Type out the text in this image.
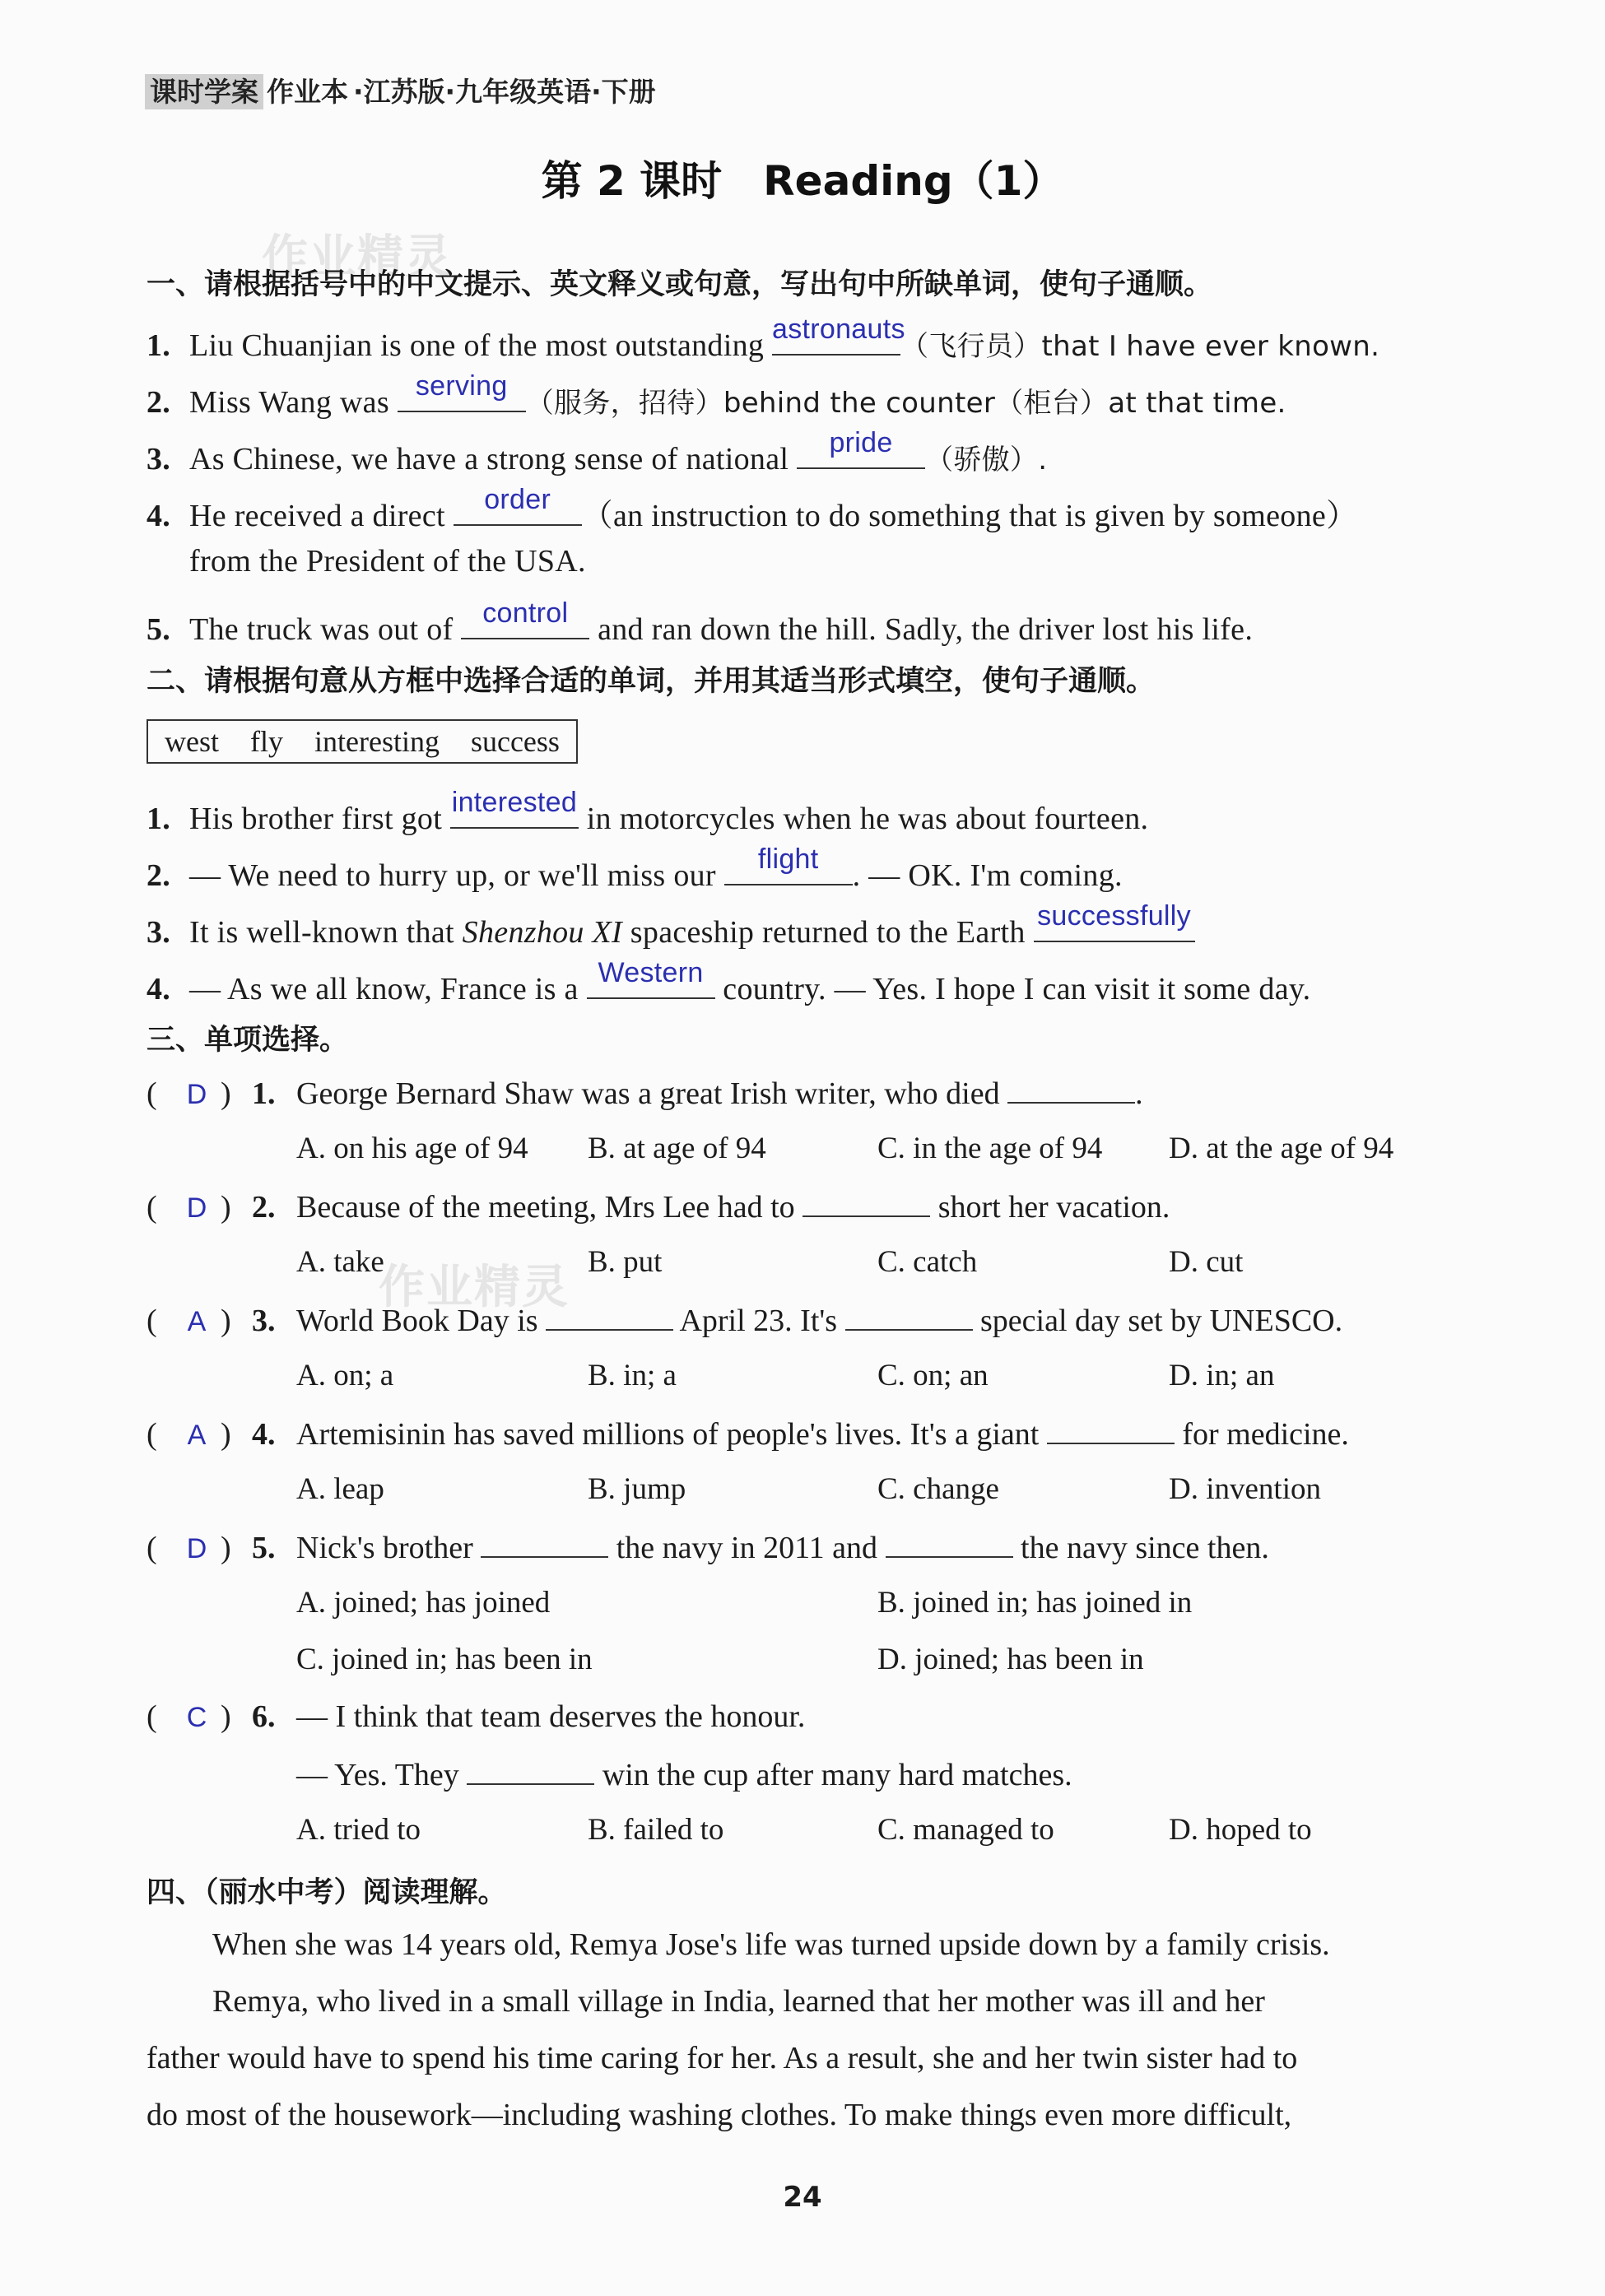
课时学案 作业本 ·江苏版·九年级英语·下册
作业精灵
作业精灵
第 2 课时 Reading（1）
一、请根据括号中的中文提示、英文释义或句意，写出句中所缺单词，使句子通顺。
1. Liu Chuanjian is one of the most outstanding astronauts
（飞行员）that I have ever known.
2. Miss Wang was serving
（服务，招待）behind the counter（柜台）at that time.
3. As Chinese, we have a strong sense of national	pride
（骄傲）.
4. He received a direct	order （an instruction to do something that is given by someone）
from the President of the USA.
5. The truck was out of control and ran down the hill. Sadly, the driver lost his life.
二、请根据句意从方框中选择合适的单词，并用其适当形式填空，使句子通顺。
west fly interesting success
1. His brother first got interested in motorcycles when he was about fourteen.
2. — We need to hurry up, or we'll miss our	flight	. — OK. I'm coming.
3. It is well-known that Shenzhou XI spaceship returned to the Earth successfully
4. — As we all know, France is a Western country. — Yes. I hope I can visit it some day.
三、单项选择。
( D ) 1. George Bernard Shaw was a great Irish writer, who died	.
A. on his age of 94 B. at age of 94	C. in the age of 94 D. at the age of 94
( D ) 2. Because of the meeting, Mrs Lee had to	short her vacation.
A. take	B. put	C. catch	D. cut
( A ) 3. World Book Day is	April 23. It's	special day set by UNESCO.
A. on; a	B. in; a	C. on; an	D. in; an
( A ) 4. Artemisinin has saved millions of people's lives. It's a giant	for medicine.
A. leap	B. jump	C. change	D. invention
( D ) 5. Nick's brother	the navy in 2011 and	the navy since then.
A. joined; has joined	B. joined in; has joined in
C. joined in; has been in	D. joined; has been in
( C ) 6. — I think that team deserves the honour.
— Yes. They	win the cup after many hard matches.
A. tried to	B. failed to	C. managed to	D. hoped to
四、（丽水中考）阅读理解。
When she was 14 years old, Remya Jose's life was turned upside down by a family crisis.
Remya, who lived in a small village in India, learned that her mother was ill and her
father would have to spend his time caring for her. As a result, she and her twin sister had to
do most of the housework—including washing clothes. To make things even more difficult,
24
